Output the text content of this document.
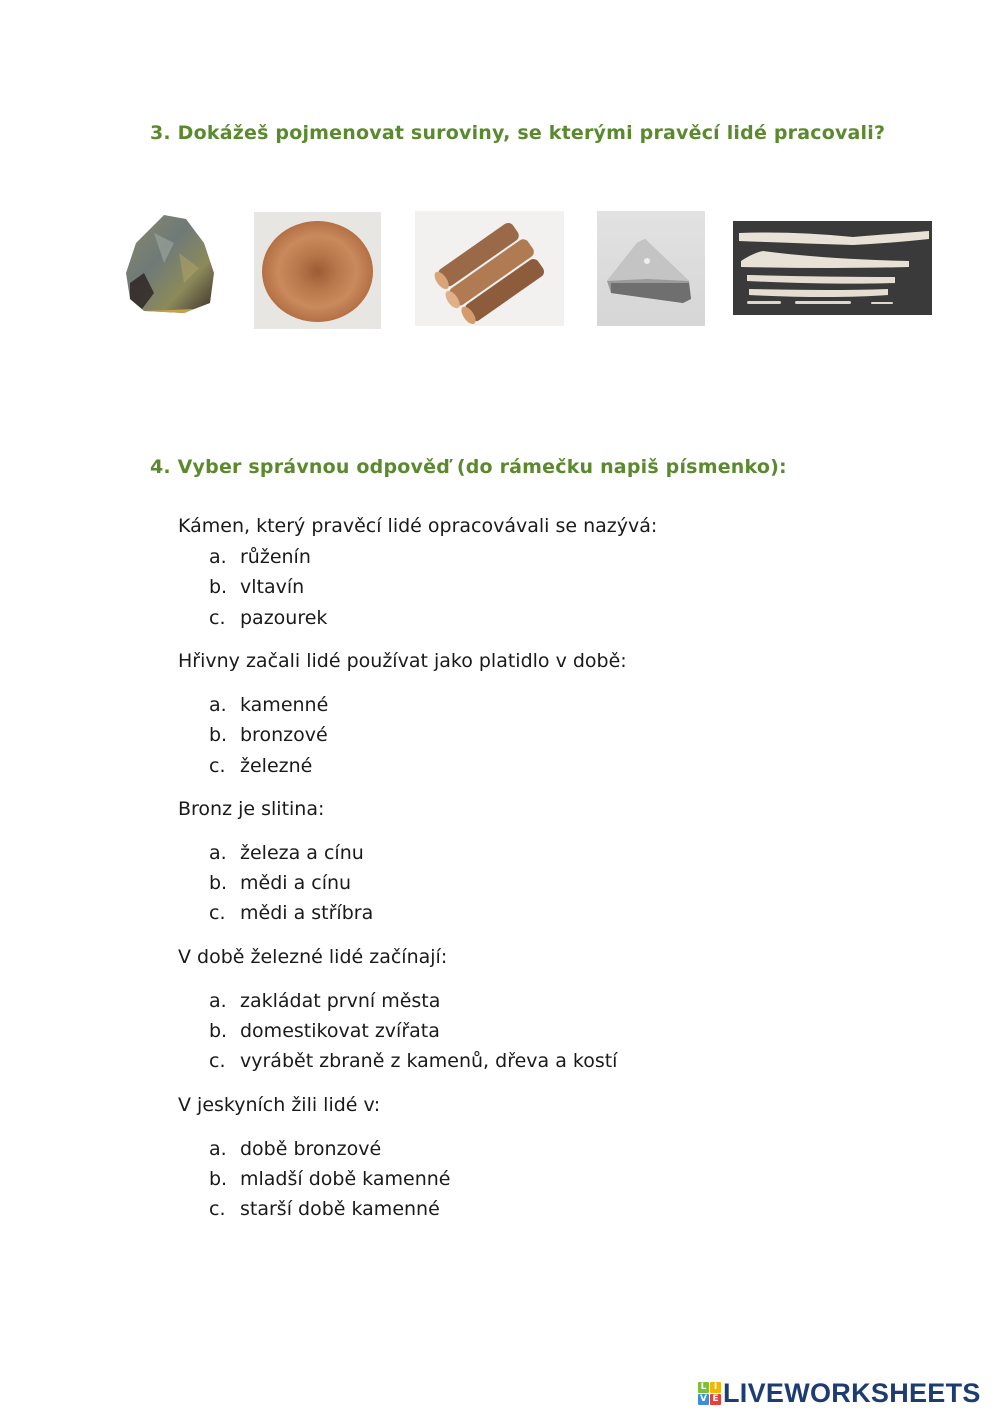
3. Dokážeš pojmenovat suroviny, se kterými pravěcí lidé pracovali?
4. Vyber správnou odpověď (do rámečku napiš písmenko):
Kámen, který pravěcí lidé opracovávali se nazývá:
a. růženín
b. vltavín
c. pazourek
Hřivny začali lidé používat jako platidlo v době:
a. kamenné
b. bronzové
c. železné
Bronz je slitina:
a. železa a cínu
b. mědi a cínu
c. mědi a stříbra
V době železné lidé začínají:
a. zakládat první města
b. domestikovat zvířata
c. vyrábět zbraně z kamenů, dřeva a kostí
V jeskyních žili lidé v:
a. době bronzové
b. mladší době kamenné
c. starší době kamenné
L I
V E LIVEWORKSHEETS
